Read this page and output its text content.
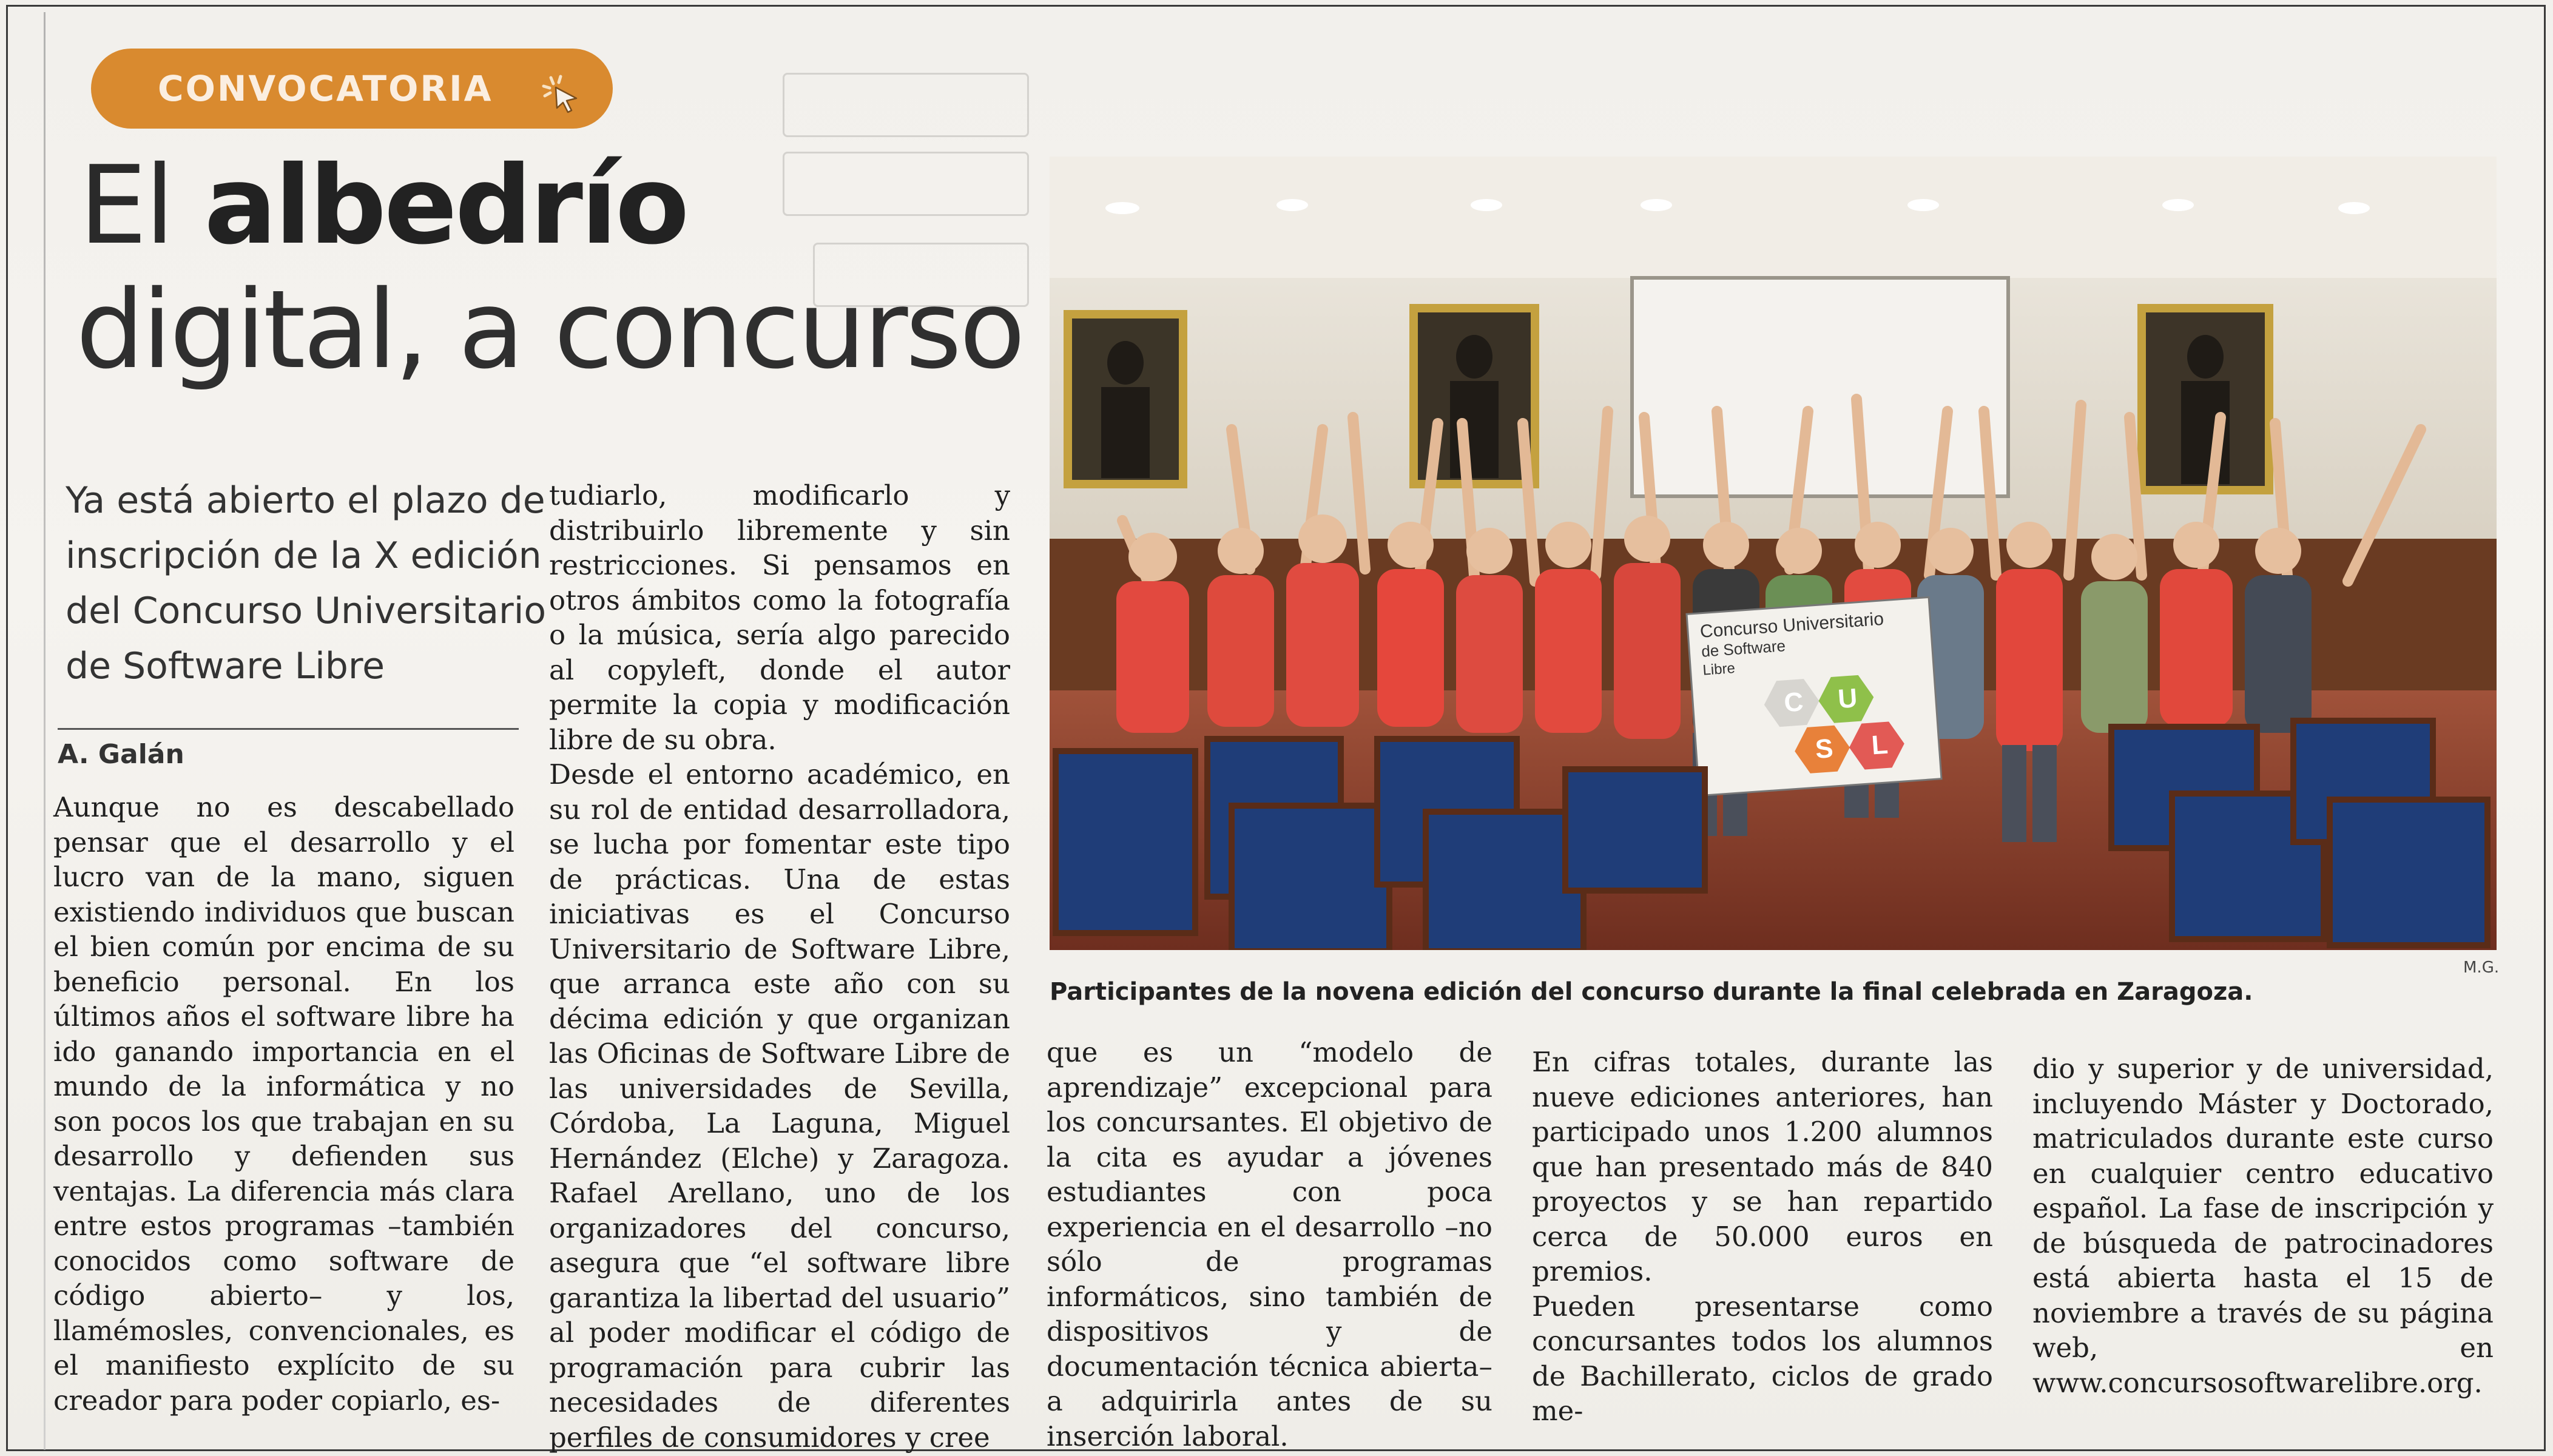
CONVOCATORIA
El albedrío
digital, a concurso
Ya está abierto el plazo de inscripción de la X edición del Concurso Universitario de Software Libre
A. Galán
Aunque no es descabellado pensar que el desarrollo y el lucro van de la mano, siguen existiendo individuos que buscan el bien común por encima de su beneficio personal. En los últimos años el software libre ha ido ganando importancia en el mundo de la informática y no son pocos los que trabajan en su desarrollo y defienden sus ventajas. La diferencia más clara entre estos programas –también conocidos como software de código abierto– y los, llamémosles, convencionales, es el manifiesto explícito de su creador para poder copiarlo, es-
tudiarlo, modificarlo y distribuirlo libremente y sin restricciones. Si pensamos en otros ámbitos como la fotografía o la música, sería algo parecido al copyleft, donde el autor permite la copia y modificación libre de su obra.
Desde el entorno académico, en su rol de entidad desarrolladora, se lucha por fomentar este tipo de prácticas. Una de estas iniciativas es el Concurso Universitario de Software Libre, que arranca este año con su décima edición y que organizan las Oficinas de Software Libre de las universidades de Sevilla, Córdoba, La Laguna, Miguel Hernández (Elche) y Zaragoza. Rafael Arellano, uno de los organizadores del concurso, asegura que “el software libre garantiza la libertad del usuario” al poder modificar el código de programación para cubrir las necesidades de diferentes perfiles de consumidores y cree
que es un “modelo de aprendizaje” excepcional para los concursantes. El objetivo de la cita es ayudar a jóvenes estudiantes con poca experiencia en el desarrollo –no sólo de programas informáticos, sino también de dispositivos y de documentación técnica abierta– a adquirirla antes de su inserción laboral.
En cifras totales, durante las nueve ediciones anteriores, han participado unos 1.200 alumnos que han presentado más de 840 proyectos y se han repartido cerca de 50.000 euros en premios.
Pueden presentarse como concursantes todos los alumnos de Bachillerato, ciclos de grado me-
dio y superior y de universidad, incluyendo Máster y Doctorado, matriculados durante este curso en cualquier centro educativo español. La fase de inscripción y de búsqueda de patrocinadores está abierta hasta el 15 de noviembre a través de su página web, en www.concursosoftwarelibre.org.
Concurso Universitario
de Software
Libre
C U
S L
M.G.
Participantes de la novena edición del concurso durante la final celebrada en Zaragoza.
